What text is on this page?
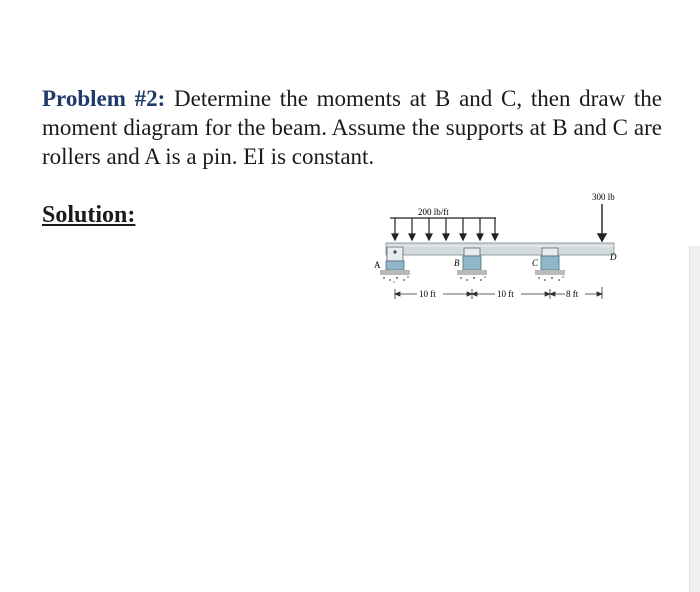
Problem #2: Determine the moments at B and C, then draw the moment diagram for the beam. Assume the supports at B and C are rollers and A is a pin. EI is constant.
Solution:	200 lb/ft
300 lb
A	B	C
D
10 ft	10 ft	8 ft
